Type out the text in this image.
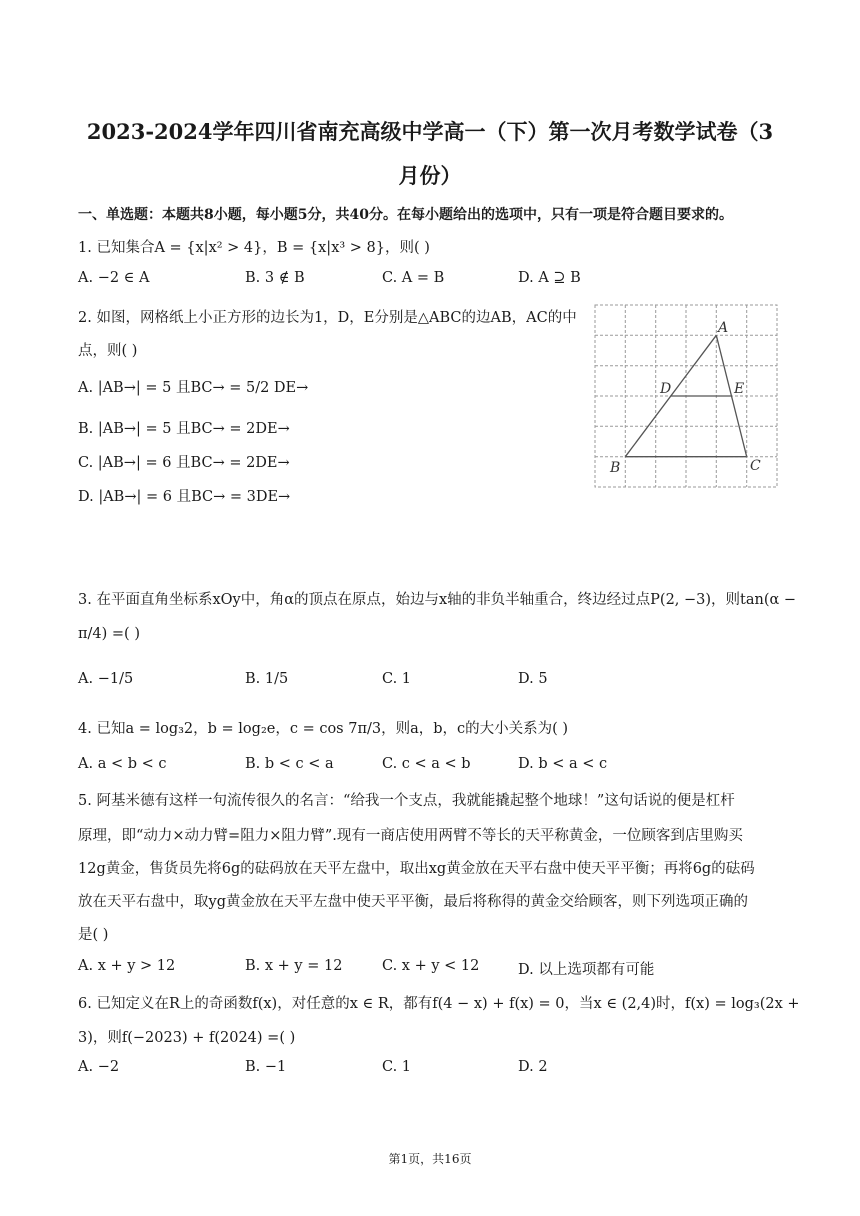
2023-2024学年四川省南充高级中学高一（下）第一次月考数学试卷（3
月份）
一、单选题：本题共8小题，每小题5分，共40分。在每小题给出的选项中，只有一项是符合题目要求的。
1. 已知集合A = {x|x² > 4}，B = {x|x³ > 8}，则( )
A. −2 ∈ A	B. 3 ∉ B	C. A = B	D. A ⊇ B
2. 如图，网格纸上小正方形的边长为1，D，E分别是△ABC的边AB，AC的中
点，则( )
A. |AB→| = 5 且BC→ = 5/2 DE→
B. |AB→| = 5 且BC→ = 2DE→
C. |AB→| = 6 且BC→ = 2DE→
D. |AB→| = 6 且BC→ = 3DE→
A
B	C
D	E
3. 在平面直角坐标系xOy中，角α的顶点在原点，始边与x轴的非负半轴重合，终边经过点P(2, −3)，则tan(α −
π/4) =( )
A. −1/5	B. 1/5	C. 1	D. 5
4. 已知a = log₃2，b = log₂e，c = cos 7π/3，则a，b，c的大小关系为( )
A. a < b < c	B. b < c < a	C. c < a < b	D. b < a < c
5. 阿基米德有这样一句流传很久的名言：“给我一个支点，我就能撬起整个地球！”这句话说的便是杠杆
原理，即“动力×动力臂=阻力×阻力臂”.现有一商店使用两臂不等长的天平称黄金，一位顾客到店里购买
12g黄金，售货员先将6g的砝码放在天平左盘中，取出xg黄金放在天平右盘中使天平平衡；再将6g的砝码
放在天平右盘中，取yg黄金放在天平左盘中使天平平衡，最后将称得的黄金交给顾客，则下列选项正确的
是( )
A. x + y > 12	B. x + y = 12	C. x + y < 12	D. 以上选项都有可能
6. 已知定义在R上的奇函数f(x)，对任意的x ∈ R，都有f(4 − x) + f(x) = 0，当x ∈ (2,4)时，f(x) = log₃(2x +
3)，则f(−2023) + f(2024) =( )
A. −2	B. −1	C. 1	D. 2
第1页，共16页
